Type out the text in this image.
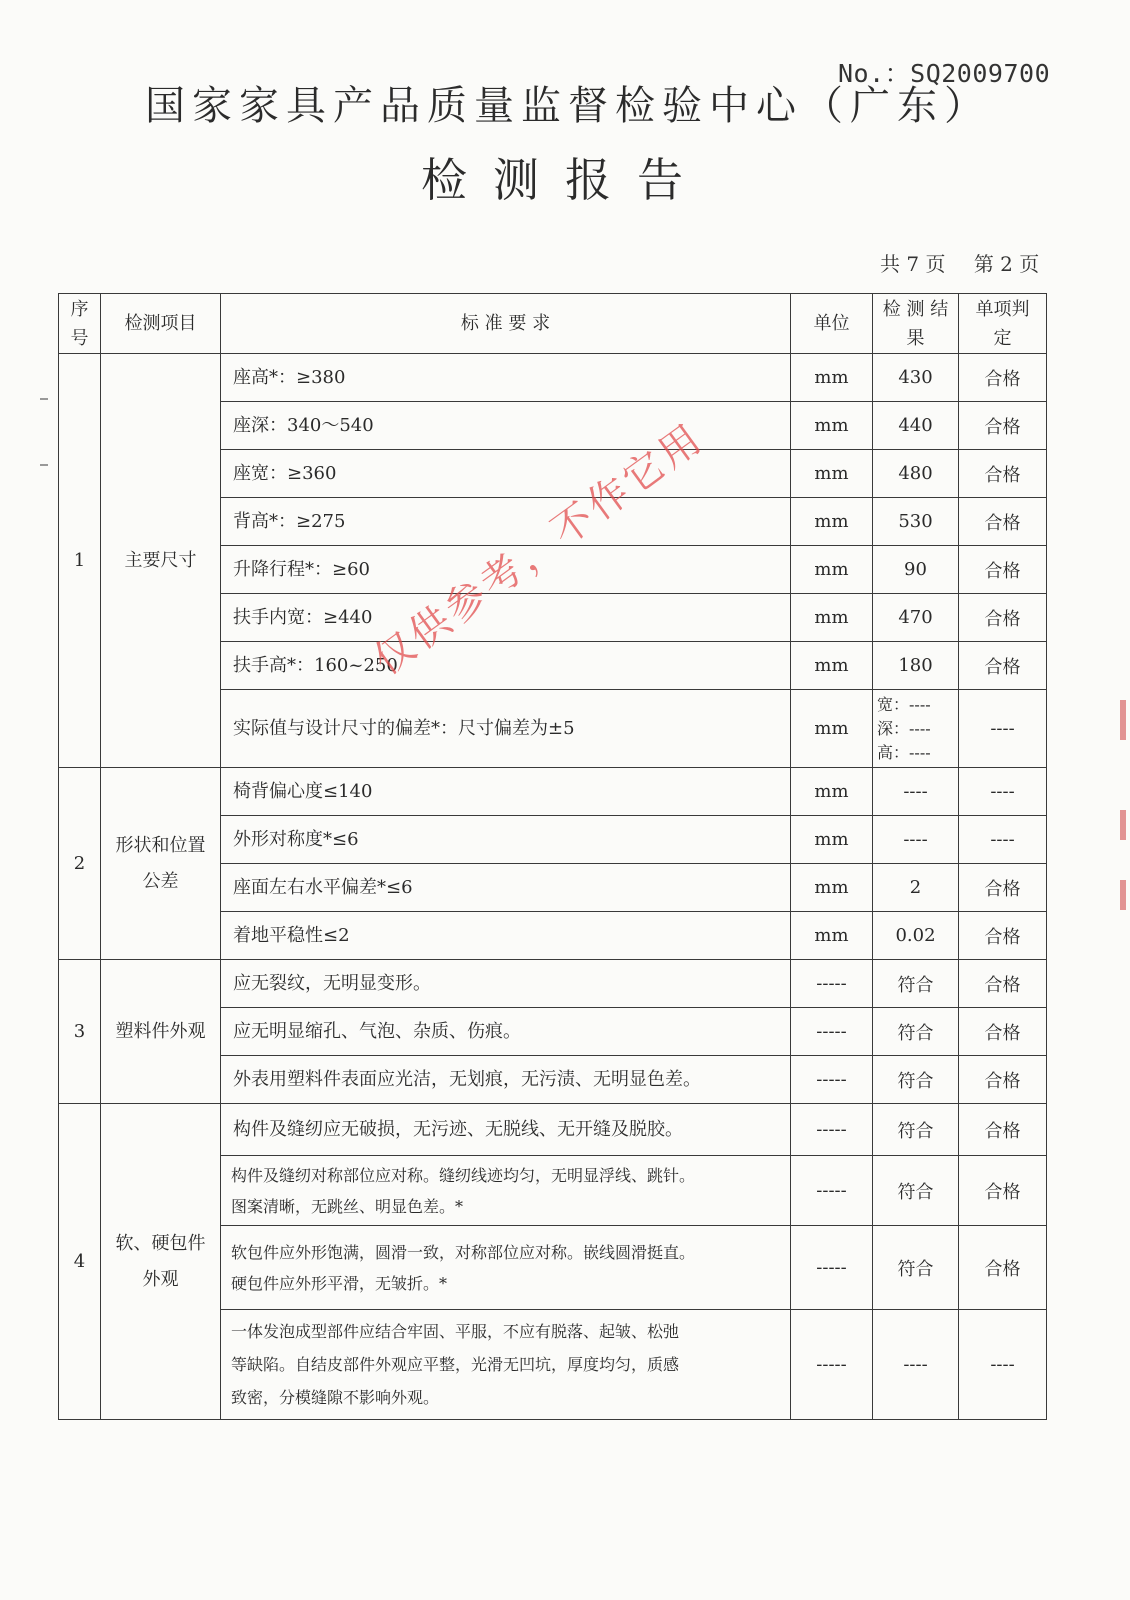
No.：SQ2009700
国家家具产品质量监督检验中心（广东）
检测报告
共 7 页 第 2 页
序号	检测项目	标 准 要 求	单位	检 测 结 果	单项判定
1	主要尺寸	座高*：≥380	mm	430	合格
		座深：340～540	mm	440	合格
		座宽：≥360	mm	480	合格
		背高*：≥275	mm	530	合格
		升降行程*：≥60	mm	90	合格
		扶手内宽：≥440	mm	470	合格
		扶手高*：160~250	mm	180	合格
		实际值与设计尺寸的偏差*：尺寸偏差为±5	mm	宽：----
深：----
高：----	----
2	形状和位置公差	椅背偏心度≤140	mm	----	----
		外形对称度*≤6	mm	----	----
		座面左右水平偏差*≤6	mm	2	合格
		着地平稳性≤2	mm	0.02	合格
3	塑料件外观	应无裂纹，无明显变形。	-----	符合	合格
		应无明显缩孔、气泡、杂质、伤痕。	-----	符合	合格
		外表用塑料件表面应光洁，无划痕，无污渍、无明显色差。	-----	符合	合格
4	软、硬包件外观	构件及缝纫应无破损，无污迹、无脱线、无开缝及脱胶。	-----	符合	合格

		构件及缝纫对称部位应对称。缝纫线迹均匀，无明显浮线、跳针。
图案清晰，无跳丝、明显色差。*	-----	符合	合格

		软包件应外形饱满，圆滑一致，对称部位应对称。嵌线圆滑挺直。
硬包件应外形平滑，无皱折。*	-----	符合	合格

		一体发泡成型部件应结合牢固、平服，不应有脱落、起皱、松弛
等缺陷。自结皮部件外观应平整，光滑无凹坑，厚度均匀，质感
致密，分模缝隙不影响外观。	-----	----	----
仅供参考，不作它用
